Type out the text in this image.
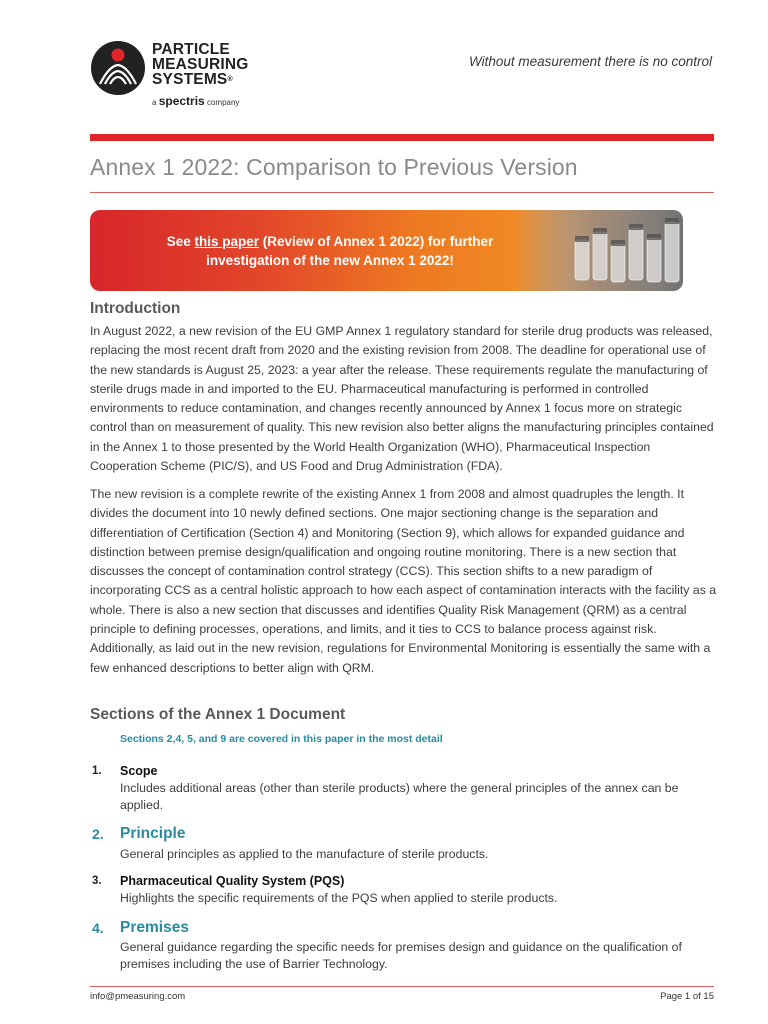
PARTICLE
MEASURING
SYSTEMS®
a spectris company
Without measurement there is no control
Annex 1 2022: Comparison to Previous Version
See this paper (Review of Annex 1 2022) for further investigation of the new Annex 1 2022!
Introduction
In August 2022, a new revision of the EU GMP Annex 1 regulatory standard for sterile drug products was released, replacing the most recent draft from 2020 and the existing revision from 2008. The deadline for operational use of the new standards is August 25, 2023: a year after the release. These requirements regulate the manufacturing of sterile drugs made in and imported to the EU. Pharmaceutical manufacturing is performed in controlled environments to reduce contamination, and changes recently announced by Annex 1 focus more on strategic control than on measurement of quality. This new revision also better aligns the manufacturing principles contained in the Annex 1 to those presented by the World Health Organization (WHO), Pharmaceutical Inspection Cooperation Scheme (PIC/S), and US Food and Drug Administration (FDA).
The new revision is a complete rewrite of the existing Annex 1 from 2008 and almost quadruples the length. It divides the document into 10 newly defined sections. One major sectioning change is the separation and differentiation of Certification (Section 4) and Monitoring (Section 9), which allows for expanded guidance and distinction between premise design/qualification and ongoing routine monitoring. There is a new section that discusses the concept of contamination control strategy (CCS). This section shifts to a new paradigm of incorporating CCS as a central holistic approach to how each aspect of contamination interacts with the facility as a whole. There is also a new section that discusses and identifies Quality Risk Management (QRM) as a central principle to defining processes, operations, and limits, and it ties to CCS to balance process against risk. Additionally, as laid out in the new revision, regulations for Environmental Monitoring is essentially the same with a few enhanced descriptions to better align with QRM.
Sections of the Annex 1 Document
Sections 2,4, 5, and 9 are covered in this paper in the most detail
1. Scope
Includes additional areas (other than sterile products) where the general principles of the annex can be applied.
2. Principle
General principles as applied to the manufacture of sterile products.
3. Pharmaceutical Quality System (PQS)
Highlights the specific requirements of the PQS when applied to sterile products.
4. Premises
General guidance regarding the specific needs for premises design and guidance on the qualification of premises including the use of Barrier Technology.
info@pmeasuring.com	Page 1 of 15
